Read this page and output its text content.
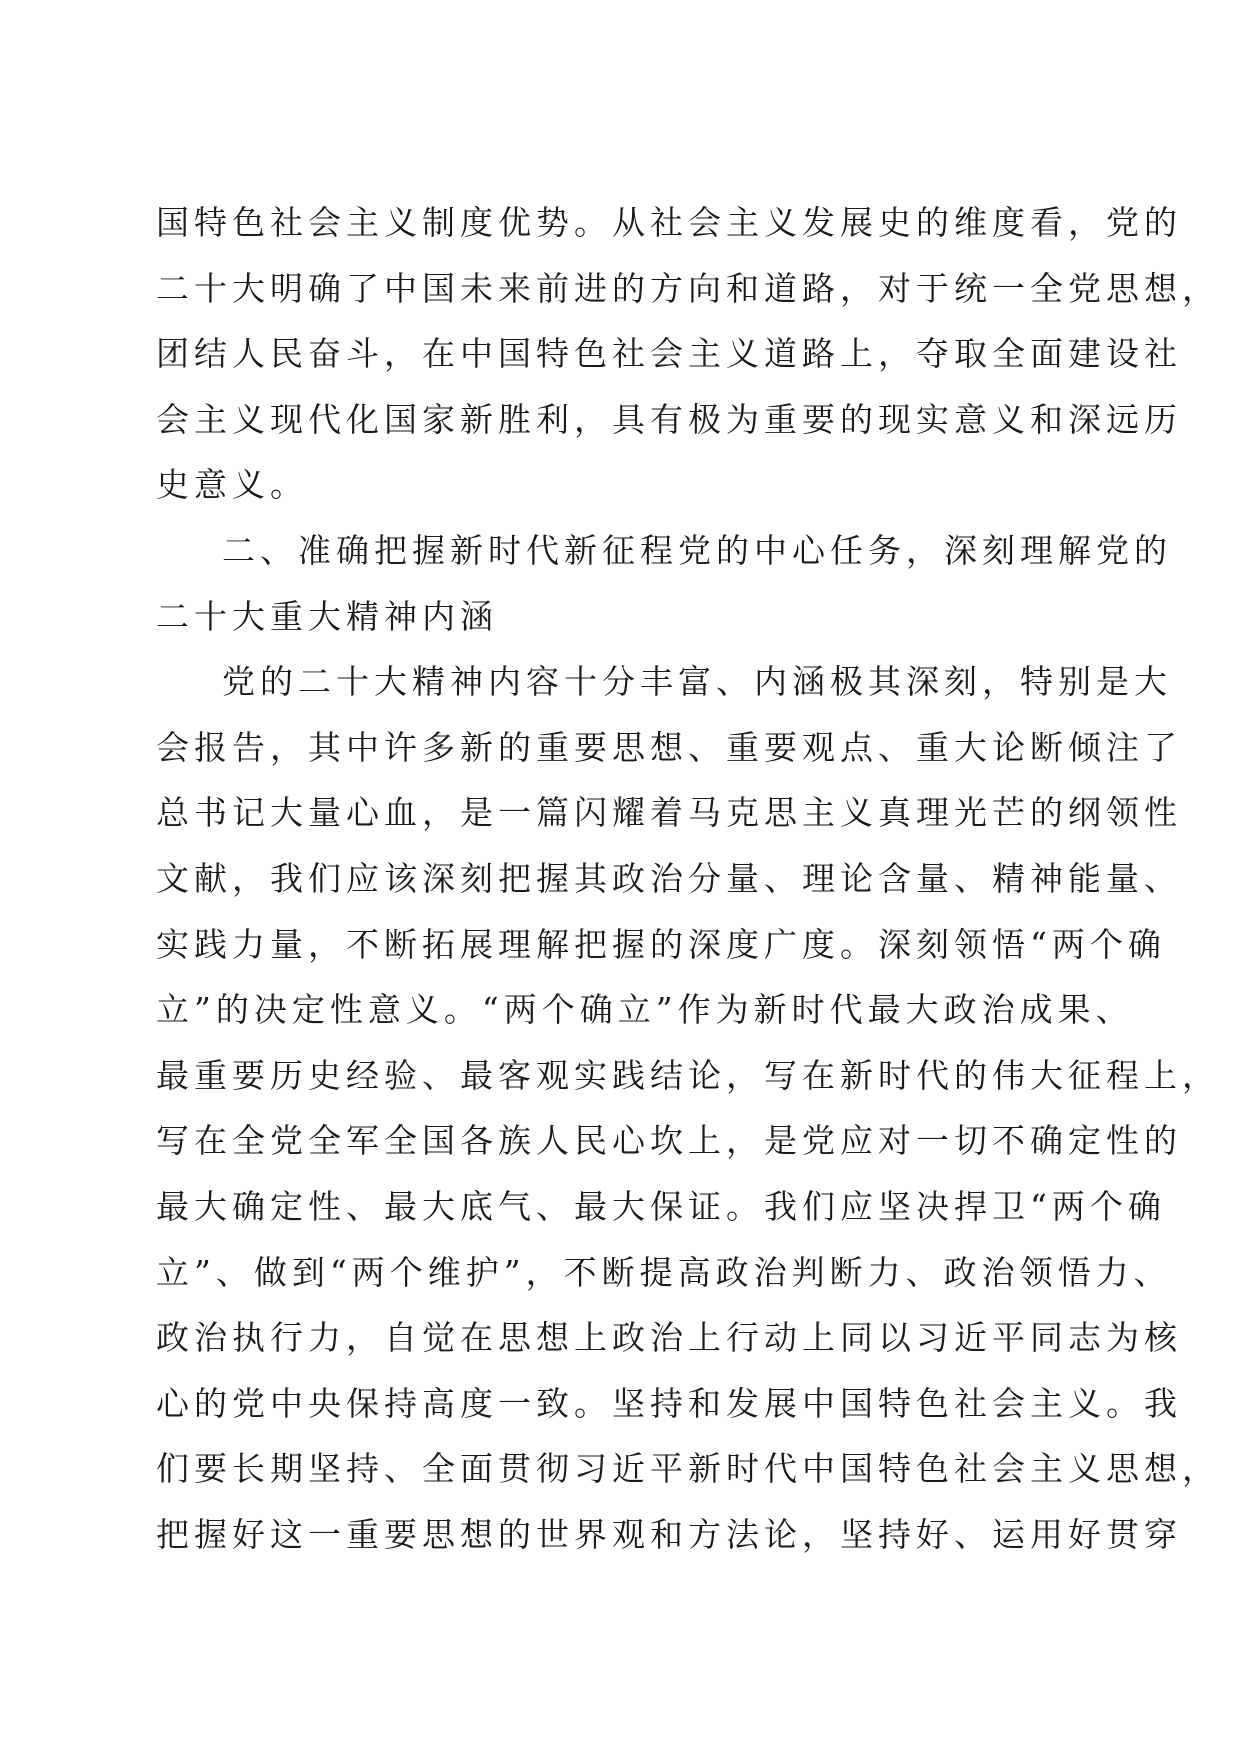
国特色社会主义制度优势。从社会主义发展史的维度看，党的
二十大明确了中国未来前进的方向和道路，对于统一全党思想，
团结人民奋斗，在中国特色社会主义道路上，夺取全面建设社
会主义现代化国家新胜利，具有极为重要的现实意义和深远历
史意义。
二、准确把握新时代新征程党的中心任务，深刻理解党的
二十大重大精神内涵
党的二十大精神内容十分丰富、内涵极其深刻，特别是大
会报告，其中许多新的重要思想、重要观点、重大论断倾注了
总书记大量心血，是一篇闪耀着马克思主义真理光芒的纲领性
文献，我们应该深刻把握其政治分量、理论含量、精神能量、
实践力量，不断拓展理解把握的深度广度。深刻领悟“两个确
立”的决定性意义。“两个确立”作为新时代最大政治成果、
最重要历史经验、最客观实践结论，写在新时代的伟大征程上，
写在全党全军全国各族人民心坎上，是党应对一切不确定性的
最大确定性、最大底气、最大保证。我们应坚决捍卫“两个确
立”、做到“两个维护”，不断提高政治判断力、政治领悟力、
政治执行力，自觉在思想上政治上行动上同以习近平同志为核
心的党中央保持高度一致。坚持和发展中国特色社会主义。我
们要长期坚持、全面贯彻习近平新时代中国特色社会主义思想，
把握好这一重要思想的世界观和方法论，坚持好、运用好贯穿
